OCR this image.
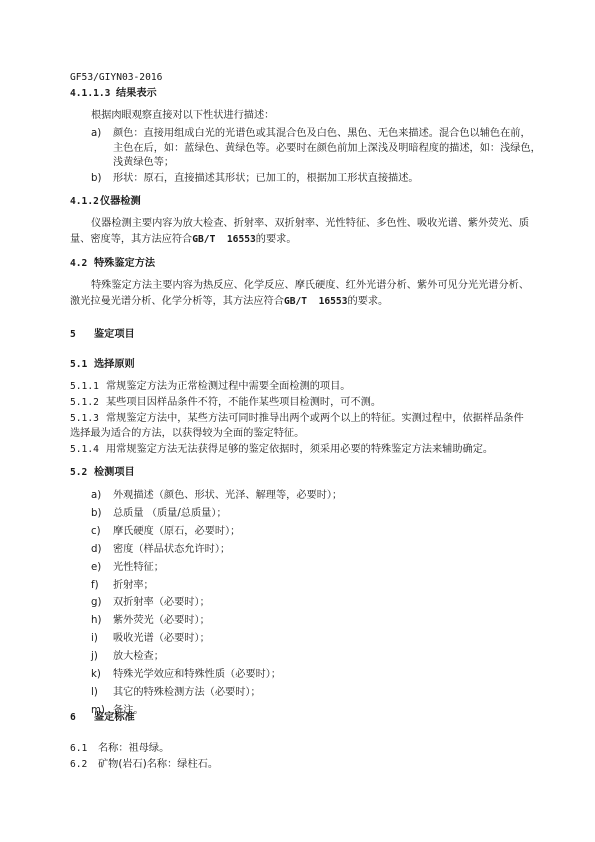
GF53/GIYN03-2016
4.1.1.3 结果表示
根据肉眼观察直接对以下性状进行描述：
a) 颜色：直接用组成白光的光谱色或其混合色及白色、黑色、无色来描述。混合色以辅色在前，
主色在后，如：蓝绿色、黄绿色等。必要时在颜色前加上深浅及明暗程度的描述，如：浅绿色，
浅黄绿色等；
b) 形状：原石，直接描述其形状；已加工的，根据加工形状直接描述。
4.1.2仪器检测
仪器检测主要内容为放大检查、折射率、双折射率、光性特征、多色性、吸收光谱、紫外荧光、质
量、密度等，其方法应符合GB/T  16553的要求。
4.2 特殊鉴定方法
特殊鉴定方法主要内容为热反应、化学反应、摩氏硬度、红外光谱分析、紫外可见分光光谱分析、
激光拉曼光谱分析、化学分析等，其方法应符合GB/T  16553的要求。
5 鉴定项目
5.1 选择原则
5.1.1 常规鉴定方法为正常检测过程中需要全面检测的项目。
5.1.2 某些项目因样品条件不符，不能作某些项目检测时，可不测。
5.1.3 常规鉴定方法中，某些方法可同时推导出两个或两个以上的特征。实测过程中，依据样品条件
选择最为适合的方法，以获得较为全面的鉴定特征。
5.1.4 用常规鉴定方法无法获得足够的鉴定依据时，须采用必要的特殊鉴定方法来辅助确定。
5.2 检测项目
a) 外观描述（颜色、形状、光泽、解理等，必要时）；
b) 总质量 （质量/总质量）；
c) 摩氏硬度（原石，必要时）；
d) 密度（样品状态允许时）；
e) 光性特征；
f) 折射率；
g) 双折射率（必要时）；
h) 紫外荧光（必要时）；
i) 吸收光谱（必要时）；
j) 放大检查；
k) 特殊光学效应和特殊性质（必要时）；
l) 其它的特殊检测方法（必要时）；
m) 备注。
6 鉴定标准
6.1 名称：祖母绿。
6.2 矿物(岩石)名称：绿柱石。
